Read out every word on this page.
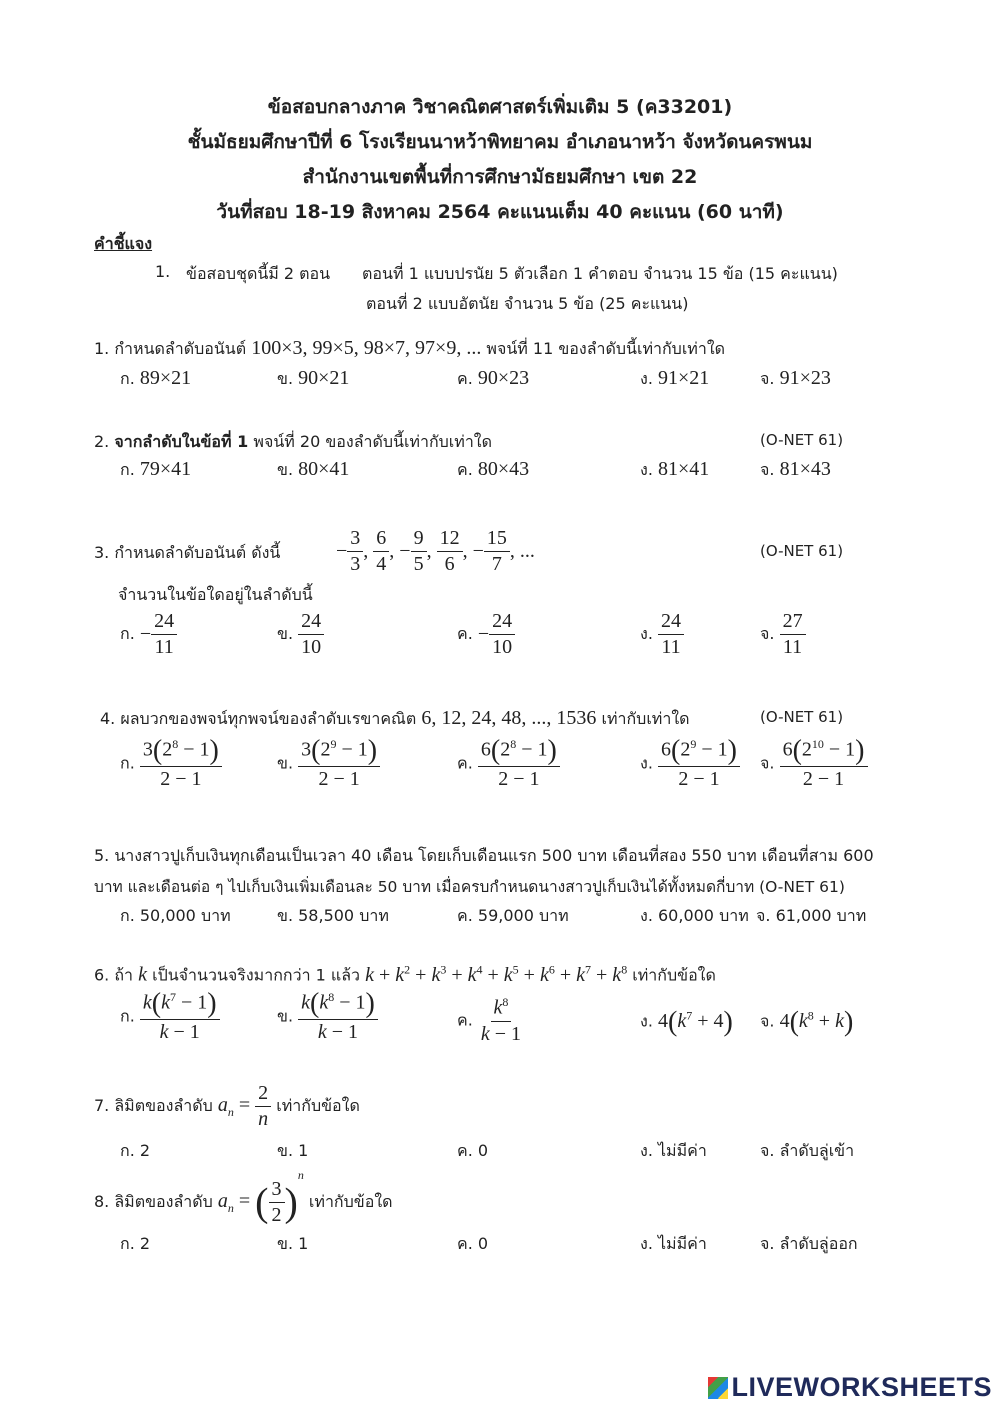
ข้อสอบกลางภาค วิชาคณิตศาสตร์เพิ่มเติม 5 (ค33201)
ชั้นมัธยมศึกษาปีที่ 6 โรงเรียนนาหว้าพิทยาคม อำเภอนาหว้า จังหวัดนครพนม
สำนักงานเขตพื้นที่การศึกษามัธยมศึกษา เขต 22
วันที่สอบ 18-19 สิงหาคม 2564 คะแนนเต็ม 40 คะแนน (60 นาที)
คำชี้แจง
1. ข้อสอบชุดนี้มี 2 ตอน ตอนที่ 1 แบบปรนัย 5 ตัวเลือก 1 คำตอบ จำนวน 15 ข้อ (15 คะแนน)
ตอนที่ 2 แบบอัตนัย จำนวน 5 ข้อ (25 คะแนน)
1. กำหนดลำดับอนันต์ 100×3, 99×5, 98×7, 97×9, ... พจน์ที่ 11 ของลำดับนี้เท่ากับเท่าใด
ก. 89×21	ข. 90×21	ค. 90×23	ง. 91×21	จ. 91×23
2. จากลำดับในข้อที่ 1 พจน์ที่ 20 ของลำดับนี้เท่ากับเท่าใด	(O-NET 61)
ก. 79×41	ข. 80×41	ค. 80×43	ง. 81×41	จ. 81×43
3. กำหนดลำดับอนันต์ ดังนี้	− $\frac{3}{3}$ , $\frac{6}{4}$ , − $\frac{9}{5}$ , $\frac{12}{6}$ , − $\frac{15}{7}$ , ...	(O-NET 61)
จำนวนในข้อใดอยู่ในลำดับนี้
ก. − $\frac{24}{11}$	ข. $\frac{24}{10}$	ค. − $\frac{24}{10}$	ง. $\frac{24}{11}$	จ. $\frac{27}{11}$
4. ผลบวกของพจน์ทุกพจน์ของลำดับเรขาคณิต 6, 12, 24, 48, ..., 1536 เท่ากับเท่าใด	(O-NET 61)
ก. $\frac{3(2^8 - 1)}{2 - 1}$	ข. $\frac{3(2^9 - 1)}{2 - 1}$	ค. $\frac{6(2^8 - 1)}{2 - 1}$	ง. $\frac{6(2^9 - 1)}{2 - 1}$ จ. $\frac{6(2^{10} - 1)}{2 - 1}$
5. นางสาวปูเก็บเงินทุกเดือนเป็นเวลา 40 เดือน โดยเก็บเดือนแรก 500 บาท เดือนที่สอง 550 บาท เดือนที่สาม 600
บาท และเดือนต่อ ๆ ไปเก็บเงินเพิ่มเดือนละ 50 บาท เมื่อครบกำหนดนางสาวปูเก็บเงินได้ทั้งหมดกี่บาท (O-NET 61)
ก. 50,000 บาท	ข. 58,500 บาท	ค. 59,000 บาท	ง. 60,000 บาท จ. 61,000 บาท
6. ถ้า k เป็นจำนวนจริงมากกว่า 1 แล้ว $k + k^2 + k^3 + k^4 + k^5 + k^6 + k^7 + k^8$ เท่ากับข้อใด
ก. $\frac{k(k^7 - 1)}{k - 1}$	ข. $\frac{k(k^8 - 1)}{k - 1}$	ค. $\frac{k^8}{k - 1}$	ง. $4(k^7 + 4)$ จ. $4(k^8 + k)$
7. ลิมิตของลำดับ $a_n = \frac{2}{n}$ เท่ากับข้อใด
ก. 2	ข. 1	ค. 0	ง. ไม่มีค่า	จ. ลำดับลู่เข้า
8. ลิมิตของลำดับ $a_n$ = ( $\frac{3}{2} )^n$ เท่ากับข้อใด
ก. 2	ข. 1	ค. 0	ง. ไม่มีค่า	จ. ลำดับลู่ออก
LIVEWORKSHEETS
